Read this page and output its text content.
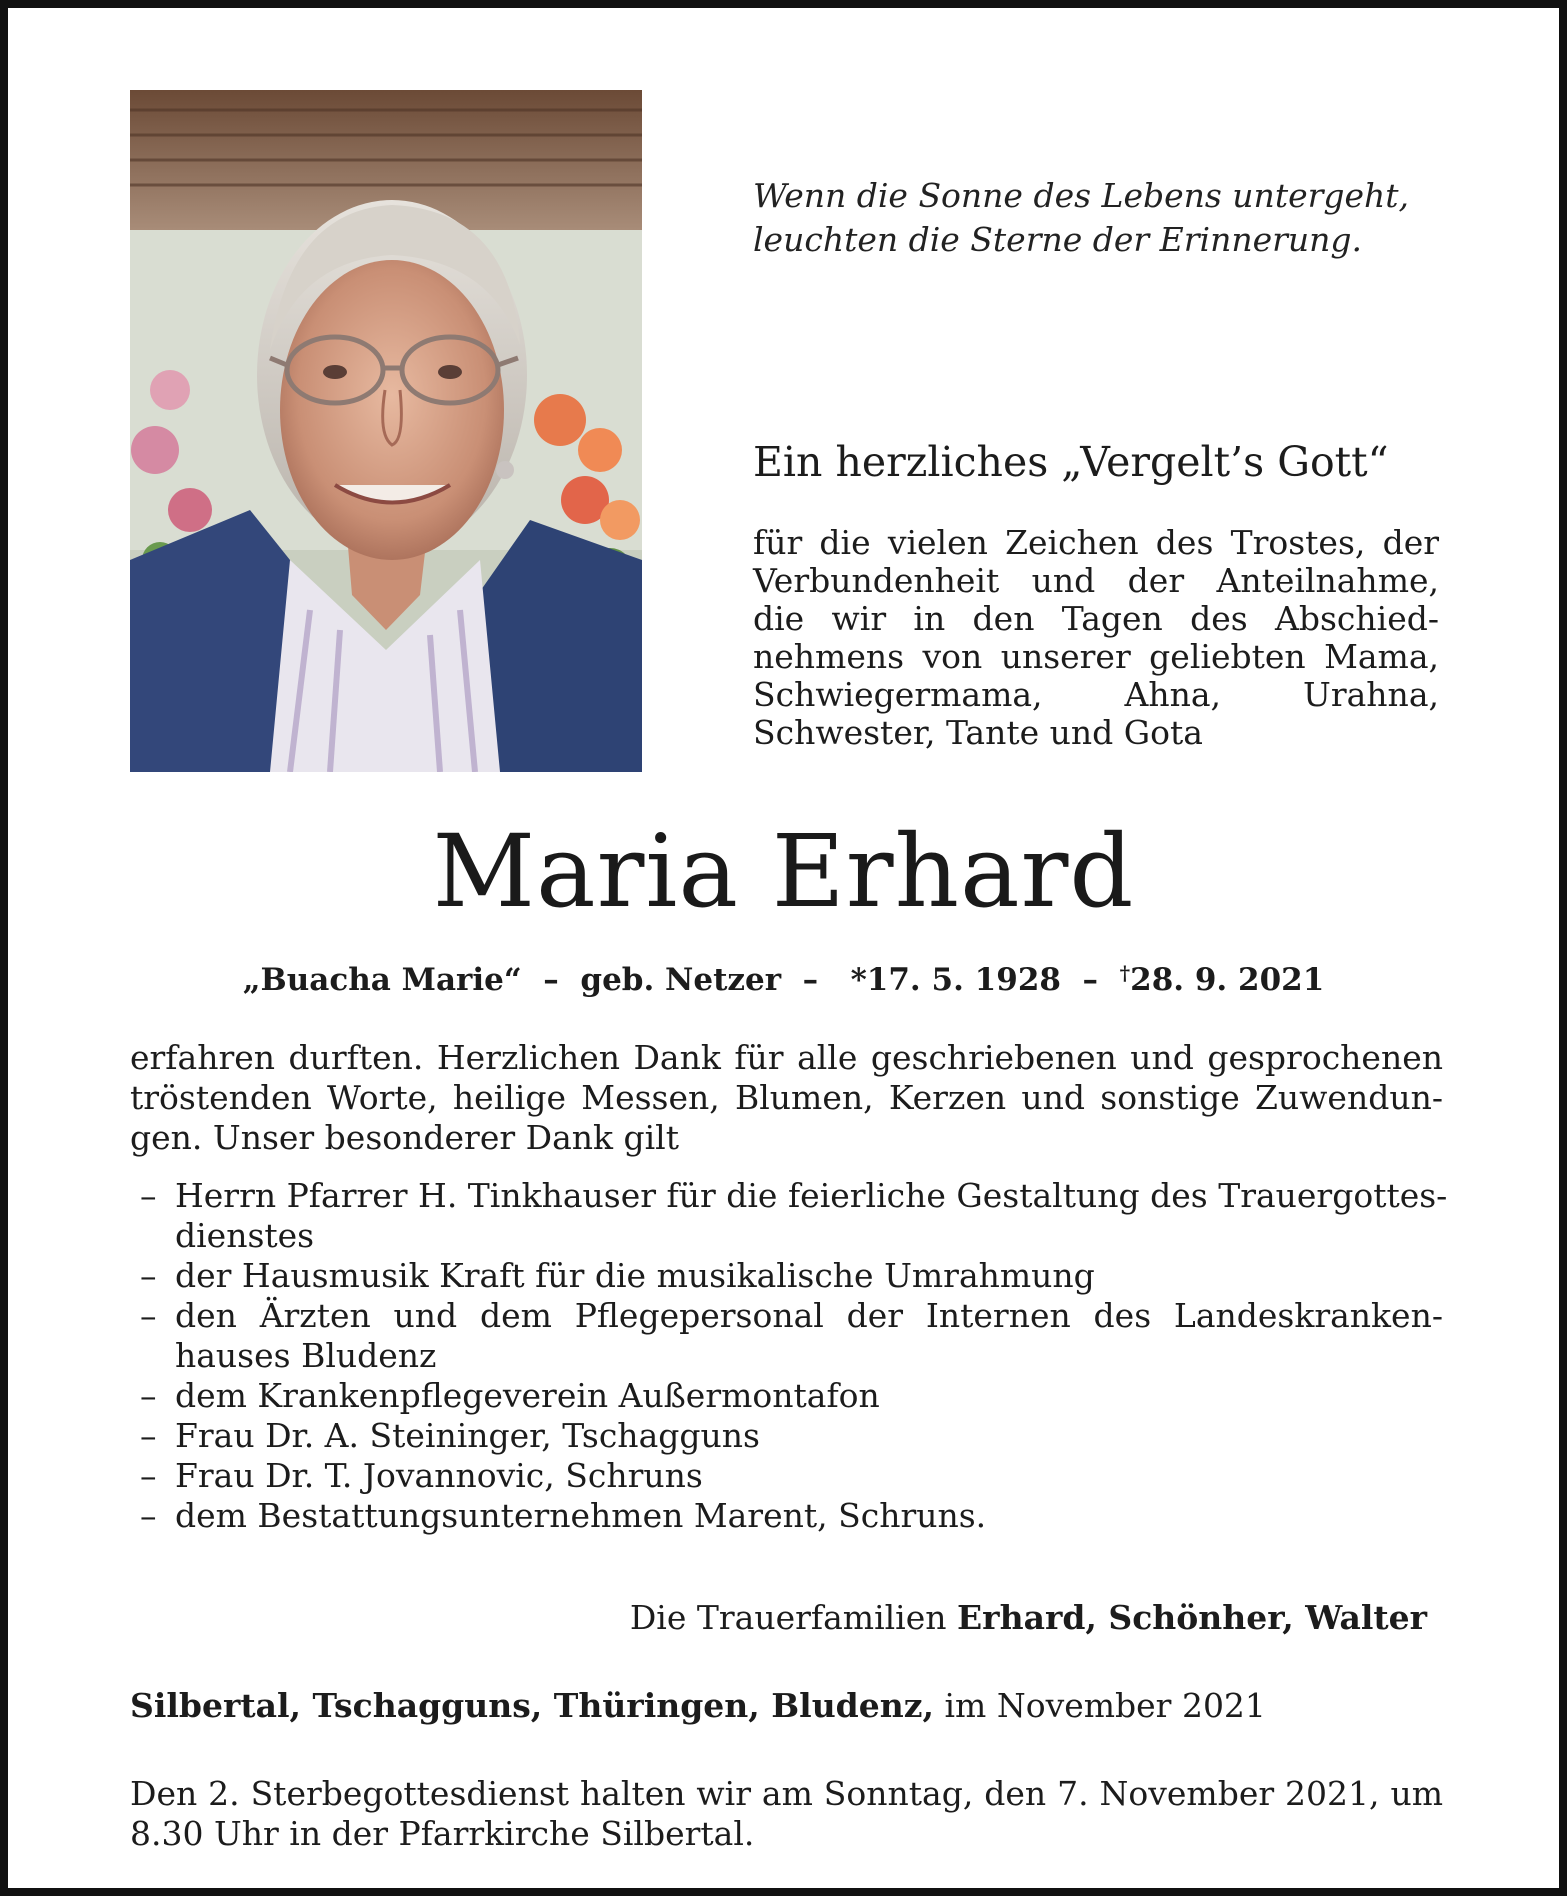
Wenn die Sonne des Lebens untergeht,
leuchten die Sterne der Erinnerung.
Ein herzliches „Vergelt’s Gott“
für die vielen Zeichen des Trostes, der
Verbundenheit und der Anteilnahme,
die wir in den Tagen des Abschied-
nehmens von unserer geliebten Mama,
Schwiegermama, Ahna, Urahna,
Schwester, Tante und Gota
Maria Erhard
„Buacha Marie“  –  geb. Netzer  –   *17. 5. 1928  –  †28. 9. 2021
erfahren durften. Herzlichen Dank für alle geschriebenen und gesprochenen
tröstenden Worte, heilige Messen, Blumen, Kerzen und sonstige Zuwendun-
gen. Unser besonderer Dank gilt
– Herrn Pfarrer H. Tinkhauser für die feierliche Gestaltung des Trauergottes-
dienstes
– der Hausmusik Kraft für die musikalische Umrahmung
– den Ärzten und dem Pflegepersonal der Internen des Landeskranken-
hauses Bludenz
– dem Krankenpflegeverein Außermontafon
– Frau Dr. A. Steininger, Tschagguns
– Frau Dr. T. Jovannovic, Schruns
– dem Bestattungsunternehmen Marent, Schruns.
Die Trauerfamilien Erhard, Schönher, Walter
Silbertal, Tschagguns, Thüringen, Bludenz, im November 2021
Den 2. Sterbegottesdienst halten wir am Sonntag, den 7. November 2021, um
8.30 Uhr in der Pfarrkirche Silbertal.
